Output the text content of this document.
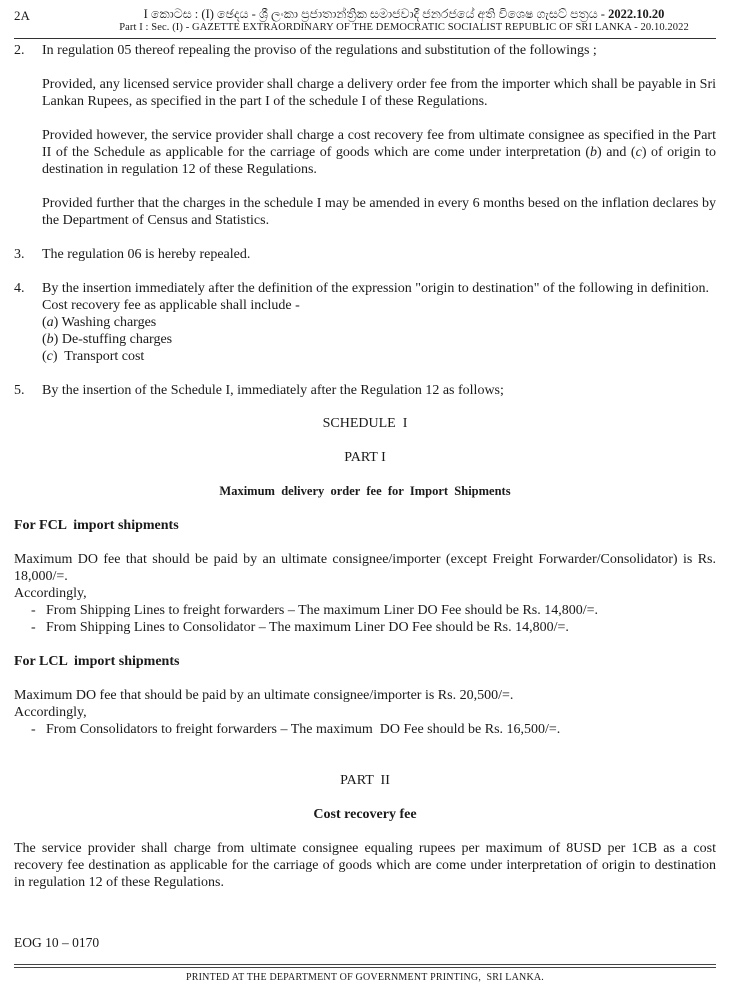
2A	I කොටස : (I) ඡෙදය - ශ්‍රී ලංකා ප්‍රජාතාන්ත්‍රික සමාජවාදී ජනරජයේ අති විශෙෂ ගැසට් පත්‍රය - 2022.10.20
Part I : Sec. (I) - GAZETTE EXTRAORDINARY OF THE DEMOCRATIC SOCIALIST REPUBLIC OF SRI LANKA - 20.10.2022
2. In regulation 05 thereof repealing the proviso of the regulations and substitution of the followings ;

Provided, any licensed service provider shall charge a delivery order fee from the importer which shall be payable in Sri Lankan Rupees, as specified in the part I of the schedule I of these Regulations.

Provided however, the service provider shall charge a cost recovery fee from ultimate consignee as specified in the Part II of the Schedule as applicable for the carriage of goods which are come under interpretation (b) and (c) of origin to destination in regulation 12 of these Regulations.

Provided further that the charges in the schedule I may be amended in every 6 months besed on the inflation declares by the Department of Census and Statistics.

3. The regulation 06 is hereby repealed.

4. By the insertion immediately after the definition of the expression "origin to destination" of the following in definition.

Cost recovery fee as applicable shall include -

(a) Washing charges
(b) De-stuffing charges
(c)  Transport cost
5. By the insertion of the Schedule I, immediately after the Regulation 12 as follows;

SCHEDULE  I
PART I
Maximum  delivery  order  fee  for  Import  Shipments
For FCL  import shipments

Maximum DO fee that should be paid by an ultimate consignee/importer (except Freight Forwarder/Consolidator) is Rs. 18,000/=.

Accordingly,
- From Shipping Lines to freight forwarders – The maximum Liner DO Fee should be Rs. 14,800/=.
- From Shipping Lines to Consolidator – The maximum Liner DO Fee should be Rs. 14,800/=.
For LCL  import shipments

Maximum DO fee that should be paid by an ultimate consignee/importer is Rs. 20,500/=.

Accordingly,
- From Consolidators to freight forwarders – The maximum  DO Fee should be Rs. 16,500/=.
PART  II
Cost recovery fee

The service provider shall charge from ultimate consignee equaling rupees per maximum of 8USD per 1CB as a cost recovery fee destination as applicable for the carriage of goods which are come under interpretation of origin to destination in regulation 12 of these Regulations.

EOG 10 – 0170
PRINTED AT THE DEPARTMENT OF GOVERNMENT PRINTING,  SRI LANKA.
